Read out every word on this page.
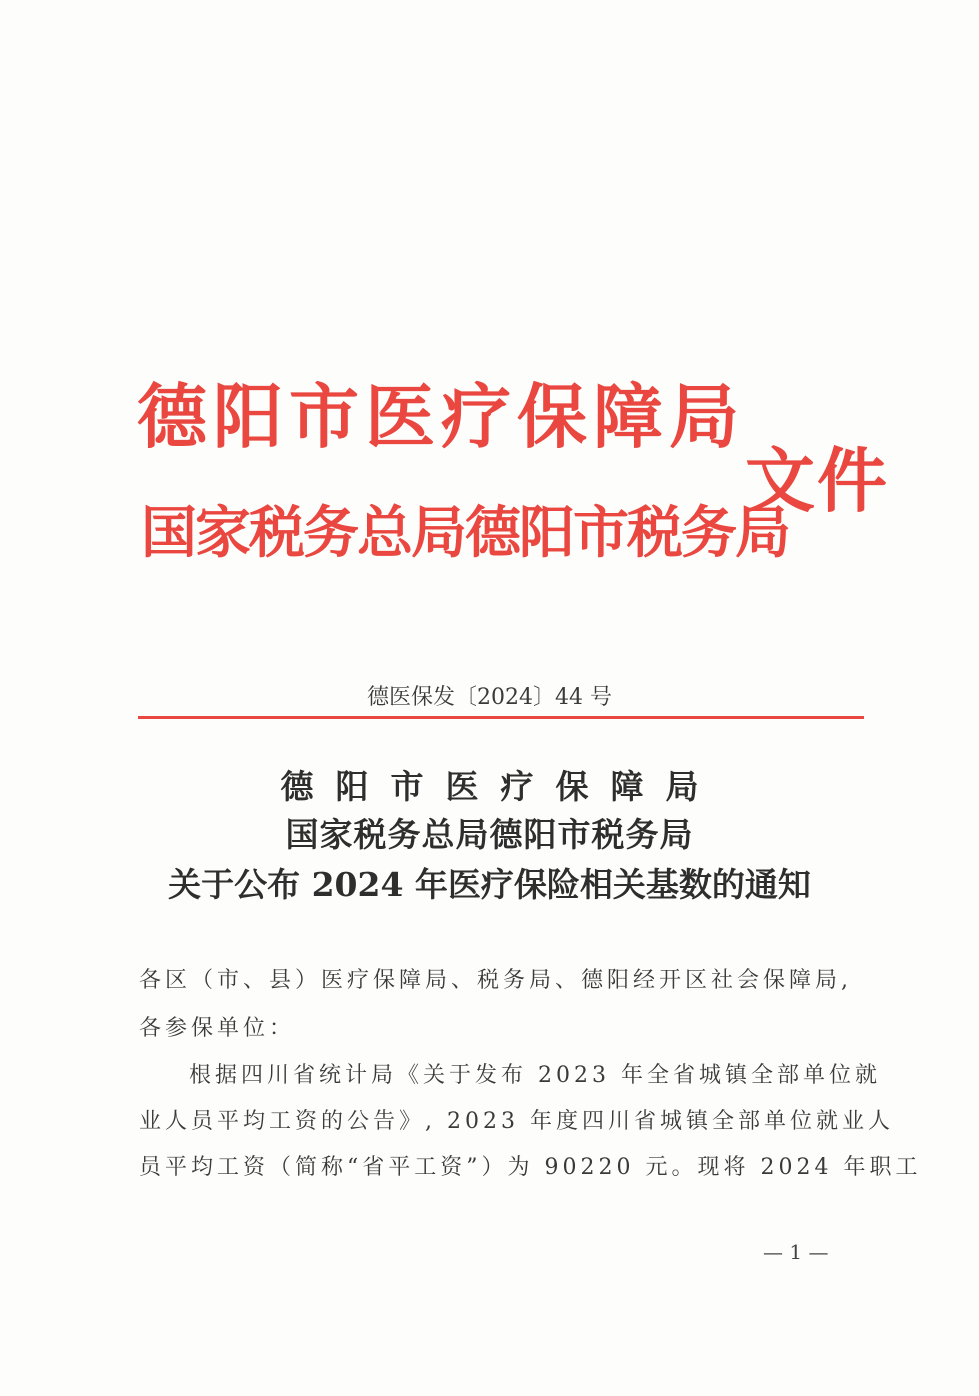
德阳市医疗保障局
国家税务总局德阳市税务局
文件
德医保发〔2024〕44 号
德阳市医疗保障局
国家税务总局德阳市税务局
关于公布 2024 年医疗保险相关基数的通知
各区（市、县）医疗保障局、税务局、德阳经开区社会保障局,
各参保单位：
根据四川省统计局《关于发布 2023 年全省城镇全部单位就
业人员平均工资的公告》, 2023 年度四川省城镇全部单位就业人
员平均工资（简称“省平工资”）为 90220 元。现将 2024 年职工
— 1 —
